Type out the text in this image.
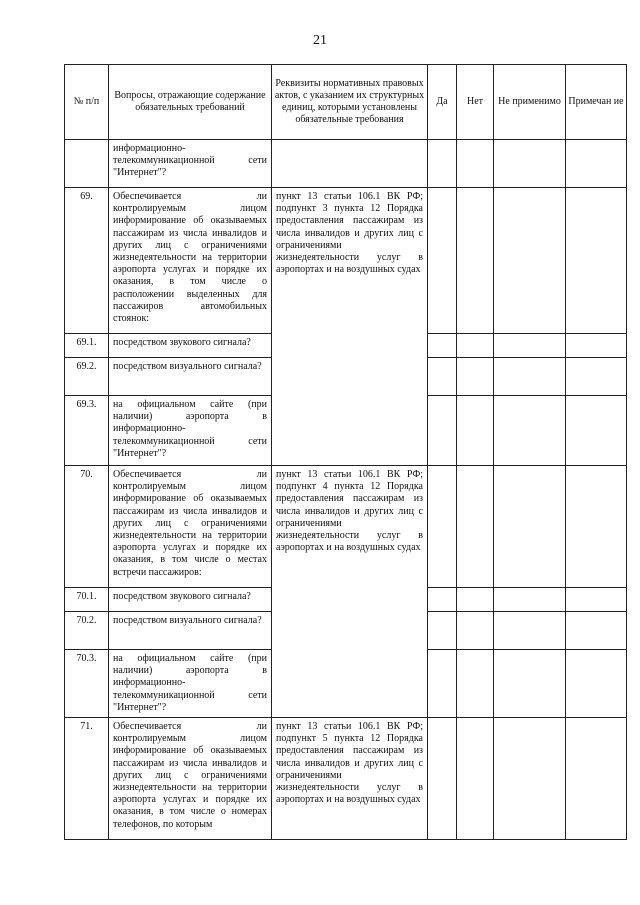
21
№ п/п	Вопросы, отражающие содержание обязательных требований	Реквизиты нормативных правовых актов, с указанием их структурных единиц, которыми установлены обязательные требования	Да	Нет	Не применимо	Примечан ие
	информационно-телекоммуникационной сети "Интернет"?					
69.	Обеспечивается ли контролируемым лицом информирование об оказываемых пассажирам из числа инвалидов и других лиц с ограничениями жизнедеятельности на территории аэропорта услугах и порядке их оказания, в том числе о расположении выделенных для пассажиров автомобильных стоянок:	пункт 13 статьи 106.1 ВК РФ; подпункт 3 пункта 12 Порядка предоставления пассажирам из числа инвалидов и других лиц с ограничениями жизнедеятельности услуг в аэропортах и на воздушных судах				
69.1.	посредством звукового сигнала?					
69.2.	посредством визуального сигнала?					
69.3.	на официальном сайте (при наличии) аэропорта в информационно-телекоммуникационной сети "Интернет"?					
70.	Обеспечивается ли контролируемым лицом информирование об оказываемых пассажирам из числа инвалидов и других лиц с ограничениями жизнедеятельности на территории аэропорта услугах и порядке их оказания, в том числе о местах встречи пассажиров:	пункт 13 статьи 106.1 ВК РФ; подпункт 4 пункта 12 Порядка предоставления пассажирам из числа инвалидов и других лиц с ограничениями жизнедеятельности услуг в аэропортах и на воздушных судах				
70.1.	посредством звукового сигнала?					
70.2.	посредством визуального сигнала?					
70.3.	на официальном сайте (при наличии) аэропорта в информационно-телекоммуникационной сети "Интернет"?					
71.	Обеспечивается ли контролируемым лицом информирование об оказываемых пассажирам из числа инвалидов и других лиц с ограничениями жизнедеятельности на территории аэропорта услугах и порядке их оказания, в том числе о номерах телефонов, по которым	пункт 13 статьи 106.1 ВК РФ; подпункт 5 пункта 12 Порядка предоставления пассажирам из числа инвалидов и других лиц с ограничениями жизнедеятельности услуг в аэропортах и на воздушных судах				
